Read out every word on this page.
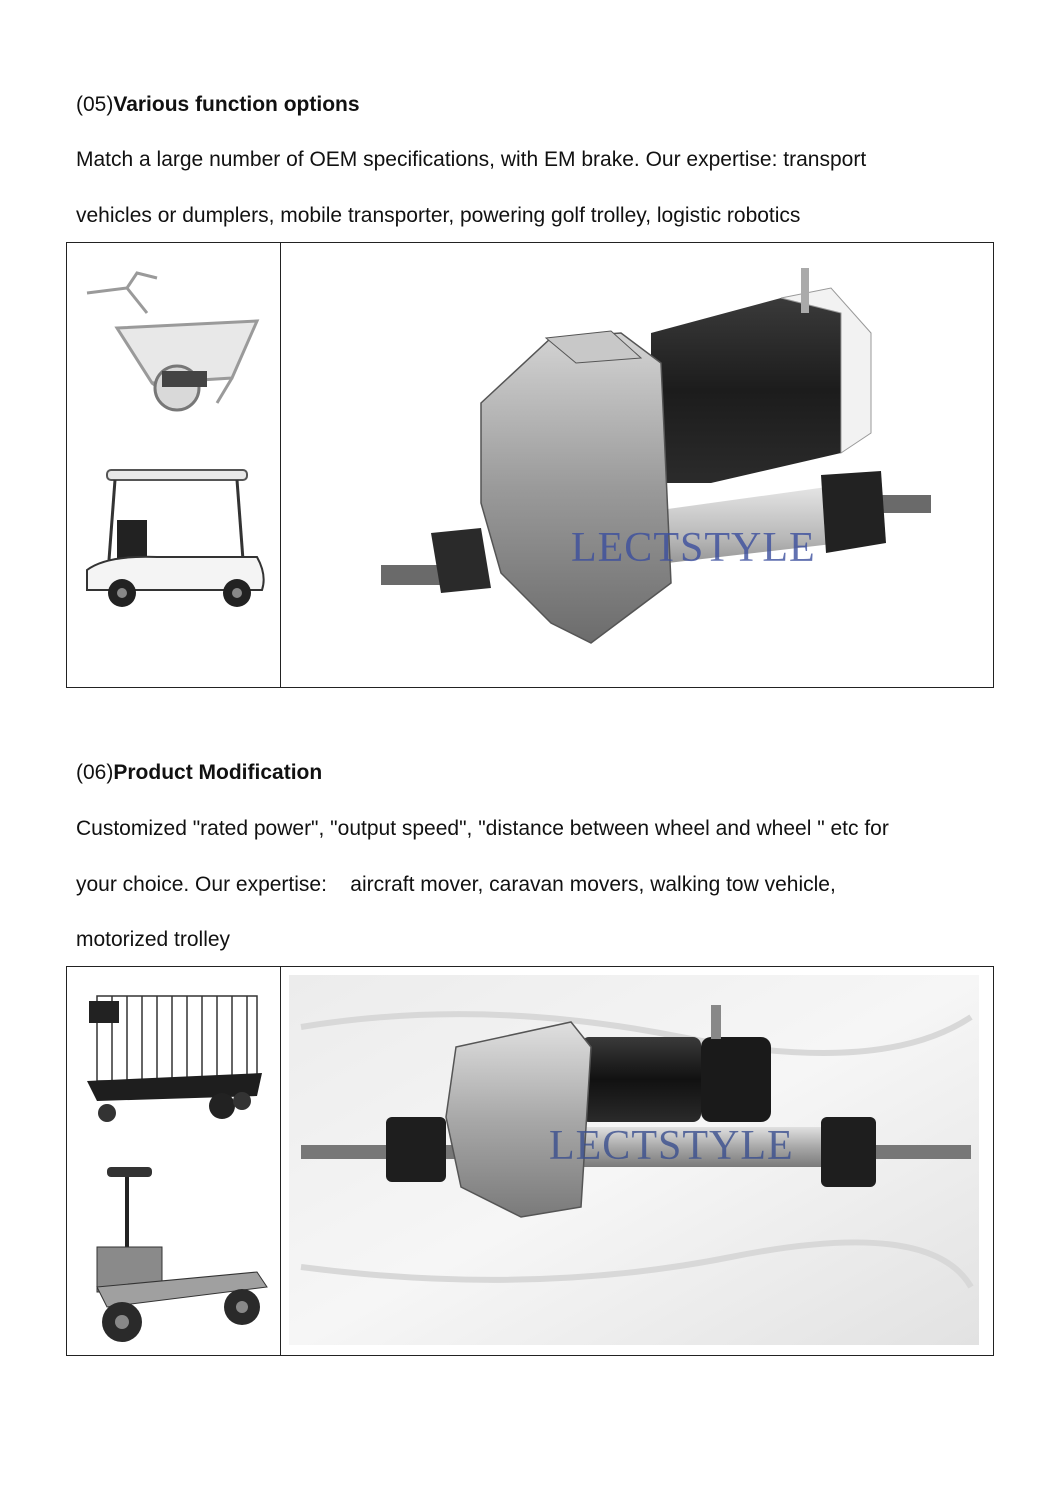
(05)Various function options
Match a large number of OEM specifications, with EM brake. Our expertise: transport
vehicles or dumplers, mobile transporter, powering golf trolley, logistic robotics
LECTSTYLE
(06)Product Modification
Customized "rated power", "output speed", "distance between wheel and wheel " etc for
your choice. Our expertise:    aircraft mover, caravan movers, walking tow vehicle,
motorized trolley
LECTSTYLE
